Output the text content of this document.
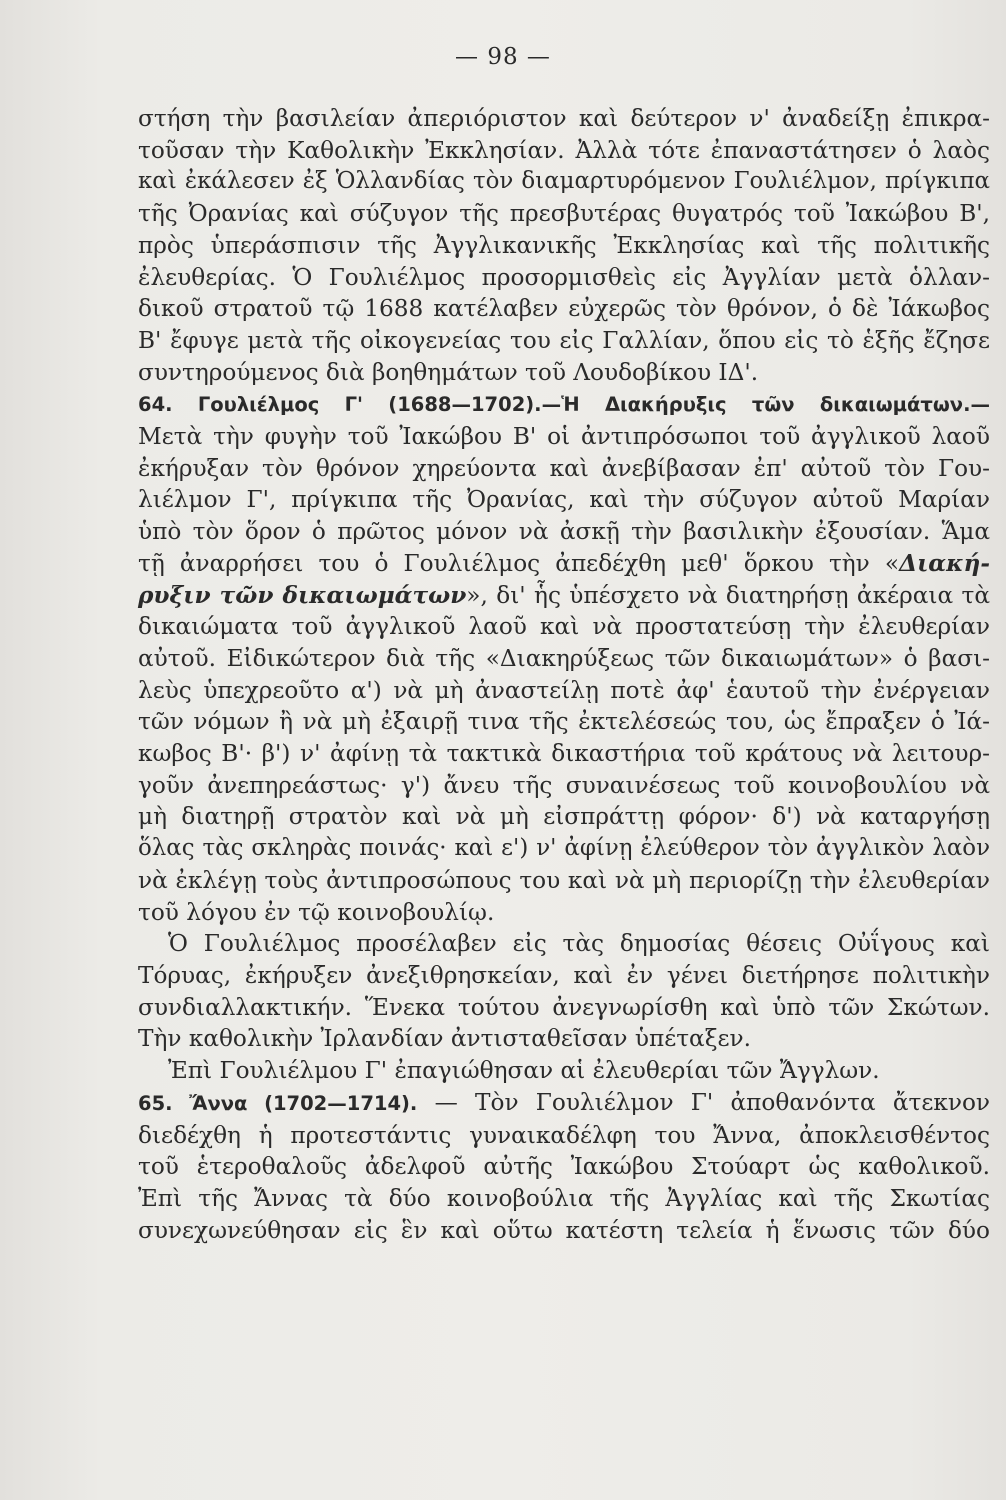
— 98 —
στήση τὴν βασιλείαν ἀπεριόριστον καὶ δεύτερον ν' ἀναδείξῃ ἐπικρα-
τοῦσαν τὴν Καθολικὴν Ἐκκλησίαν. Ἀλλὰ τότε ἐπαναστάτησεν ὁ λαὸς
καὶ ἐκάλεσεν ἐξ Ὁλλανδίας τὸν διαμαρτυρόμενον Γουλιέλμον, πρίγκιπα
τῆς Ὀρανίας καὶ σύζυγον τῆς πρεσβυτέρας θυγατρός τοῦ Ἰακώβου Β',
πρὸς ὑπεράσπισιν τῆς Ἀγγλικανικῆς Ἐκκλησίας καὶ τῆς πολιτικῆς
ἐλευθερίας. Ὁ Γουλιέλμος προσορμισθεὶς εἰς Ἀγγλίαν μετὰ ὁλλαν-
δικοῦ στρατοῦ τῷ 1688 κατέλαβεν εὐχερῶς τὸν θρόνον, ὁ δὲ Ἰάκωβος
Β' ἔφυγε μετὰ τῆς οἰκογενείας του εἰς Γαλλίαν, ὅπου εἰς τὸ ἑξῆς ἔζησε
συντηρούμενος διὰ βοηθημάτων τοῦ Λουδοβίκου ΙΔ'.
64. Γουλιέλμος Γ' (1688—1702).—Ἡ Διακήρυξις τῶν δικαιωμάτων.—
Μετὰ τὴν φυγὴν τοῦ Ἰακώβου Β' οἱ ἀντιπρόσωποι τοῦ ἀγγλικοῦ λαοῦ
ἐκήρυξαν τὸν θρόνον χηρεύοντα καὶ ἀνεβίβασαν ἐπ' αὐτοῦ τὸν Γου-
λιέλμον Γ', πρίγκιπα τῆς Ὀρανίας, καὶ τὴν σύζυγον αὐτοῦ Μαρίαν
ὑπὸ τὸν ὅρον ὁ πρῶτος μόνον νὰ ἀσκῇ τὴν βασιλικὴν ἐξουσίαν. Ἅμα
τῇ ἀναρρήσει του ὁ Γουλιέλμος ἀπεδέχθη μεθ' ὅρκου τὴν «Διακή-
ρυξιν τῶν δικαιωμάτων», δι' ἧς ὑπέσχετο νὰ διατηρήσῃ ἀκέραια τὰ
δικαιώματα τοῦ ἀγγλικοῦ λαοῦ καὶ νὰ προστατεύσῃ τὴν ἐλευθερίαν
αὐτοῦ. Εἰδικώτερον διὰ τῆς «Διακηρύξεως τῶν δικαιωμάτων» ὁ βασι-
λεὺς ὑπεχρεοῦτο α') νὰ μὴ ἀναστείλῃ ποτὲ ἀφ' ἑαυτοῦ τὴν ἐνέργειαν
τῶν νόμων ἢ νὰ μὴ ἐξαιρῇ τινα τῆς ἐκτελέσεώς του, ὡς ἔπραξεν ὁ Ἰά-
κωβος Β'· β') ν' ἀφίνῃ τὰ τακτικὰ δικαστήρια τοῦ κράτους νὰ λειτουρ-
γοῦν ἀνεπηρεάστως· γ') ἄνευ τῆς συναινέσεως τοῦ κοινοβουλίου νὰ
μὴ διατηρῇ στρατὸν καὶ νὰ μὴ εἰσπράττῃ φόρον· δ') νὰ καταργήσῃ
ὅλας τὰς σκληρὰς ποινάς· καὶ ε') ν' ἀφίνῃ ἐλεύθερον τὸν ἀγγλικὸν λαὸν
νὰ ἐκλέγῃ τοὺς ἀντιπροσώπους του καὶ νὰ μὴ περιορίζῃ τὴν ἐλευθερίαν
τοῦ λόγου ἐν τῷ κοινοβουλίῳ.
Ὁ Γουλιέλμος προσέλαβεν εἰς τὰς δημοσίας θέσεις Οὐΐγους καὶ
Τόρυας, ἐκήρυξεν ἀνεξιθρησκείαν, καὶ ἐν γένει διετήρησε πολιτικὴν
συνδιαλλακτικήν. Ἕνεκα τούτου ἀνεγνωρίσθη καὶ ὑπὸ τῶν Σκώτων.
Τὴν καθολικὴν Ἰρλανδίαν ἀντισταθεῖσαν ὑπέταξεν.
Ἐπὶ Γουλιέλμου Γ' ἐπαγιώθησαν αἱ ἐλευθερίαι τῶν Ἄγγλων.
65. Ἄννα (1702—1714). — Τὸν Γουλιέλμον Γ' ἀποθανόντα ἄτεκνον
διεδέχθη ἡ προτεστάντις γυναικαδέλφη του Ἄννα, ἀποκλεισθέντος
τοῦ ἑτεροθαλοῦς ἀδελφοῦ αὐτῆς Ἰακώβου Στούαρτ ὡς καθολικοῦ.
Ἐπὶ τῆς Ἄννας τὰ δύο κοινοβούλια τῆς Ἀγγλίας καὶ τῆς Σκωτίας
συνεχωνεύθησαν εἰς ἓν καὶ οὕτω κατέστη τελεία ἡ ἕνωσις τῶν δύο
